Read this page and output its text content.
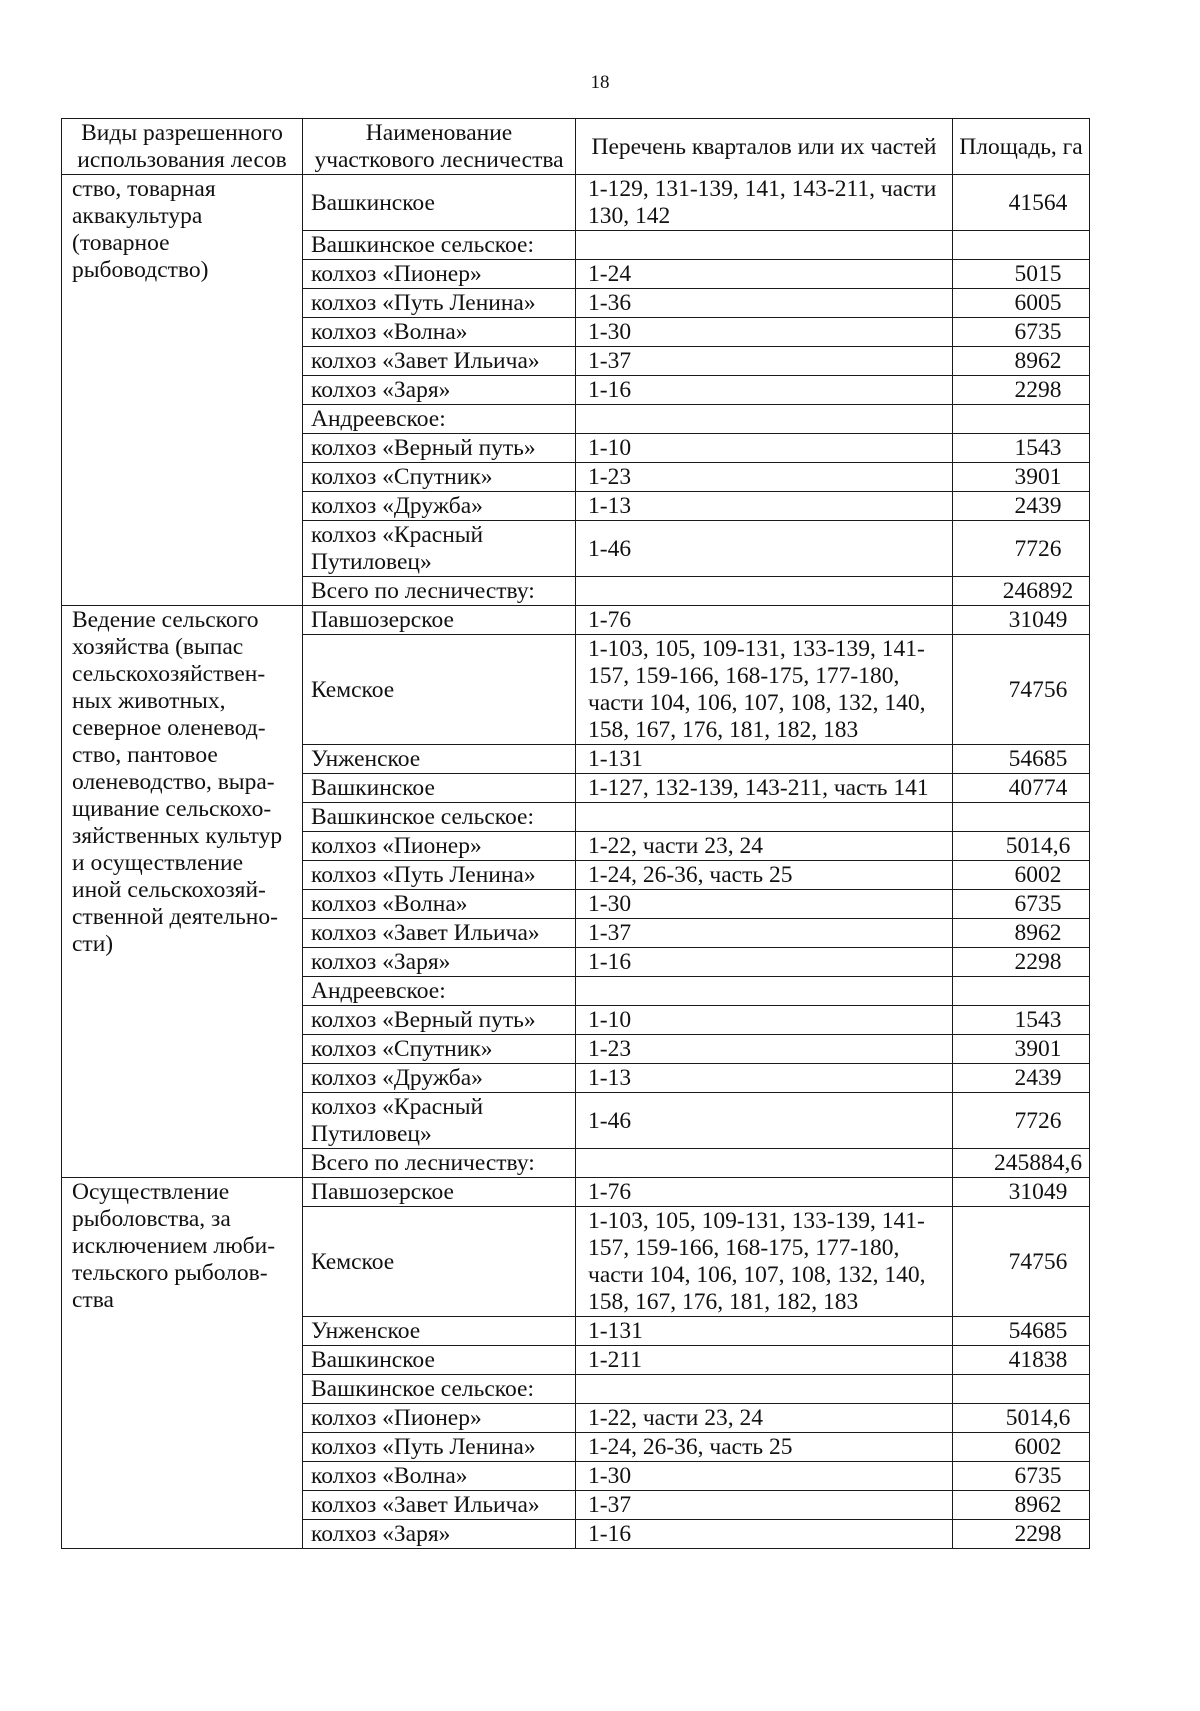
18
Виды разрешенного использования лесов	Наименование участкового лесничества	Перечень кварталов или их частей	Площадь, га
ство, товарная аквакультура (товарное рыбоводство)	Вашкинское	1-129, 131-139, 141, 143-211, части 130, 142	41564
	Вашкинское сельское:		
	колхоз «Пионер»	1-24	5015
	колхоз «Путь Ленина»	1-36	6005
	колхоз «Волна»	1-30	6735
	колхоз «Завет Ильича»	1-37	8962
	колхоз «Заря»	1-16	2298
	Андреевское:		
	колхоз «Верный путь»	1-10	1543
	колхоз «Спутник»	1-23	3901
	колхоз «Дружба»	1-13	2439
	колхоз «Красный Путиловец»	1-46	7726
	Всего по лесничеству:		246892
Ведение сельского хозяйства (выпас сельскохозяйствен-ных животных, северное оленевод-ство, пантовое оленеводство, выра-щивание сельскохо-зяйственных культур и осуществление иной сельскохозяй-ственной деятельно-сти)	Павшозерское	1-76	31049
	Кемское	1-103, 105, 109-131, 133-139, 141-157, 159-166, 168-175, 177-180, части 104, 106, 107, 108, 132, 140, 158, 167, 176, 181, 182, 183	74756
	Унженское	1-131	54685
	Вашкинское	1-127, 132-139, 143-211, часть 141	40774
	Вашкинское сельское:		
	колхоз «Пионер»	1-22, части 23, 24	5014,6
	колхоз «Путь Ленина»	1-24, 26-36, часть 25	6002
	колхоз «Волна»	1-30	6735
	колхоз «Завет Ильича»	1-37	8962
	колхоз «Заря»	1-16	2298
	Андреевское:		
	колхоз «Верный путь»	1-10	1543
	колхоз «Спутник»	1-23	3901
	колхоз «Дружба»	1-13	2439
	колхоз «Красный Путиловец»	1-46	7726
	Всего по лесничеству:		245884,6
Осуществление рыболовства, за исключением люби-тельского рыболов-ства	Павшозерское	1-76	31049
	Кемское	1-103, 105, 109-131, 133-139, 141-157, 159-166, 168-175, 177-180, части 104, 106, 107, 108, 132, 140, 158, 167, 176, 181, 182, 183	74756
	Унженское	1-131	54685
	Вашкинское	1-211	41838
	Вашкинское сельское:		
	колхоз «Пионер»	1-22, части 23, 24	5014,6
	колхоз «Путь Ленина»	1-24, 26-36, часть 25	6002
	колхоз «Волна»	1-30	6735
	колхоз «Завет Ильича»	1-37	8962
	колхоз «Заря»	1-16	2298
